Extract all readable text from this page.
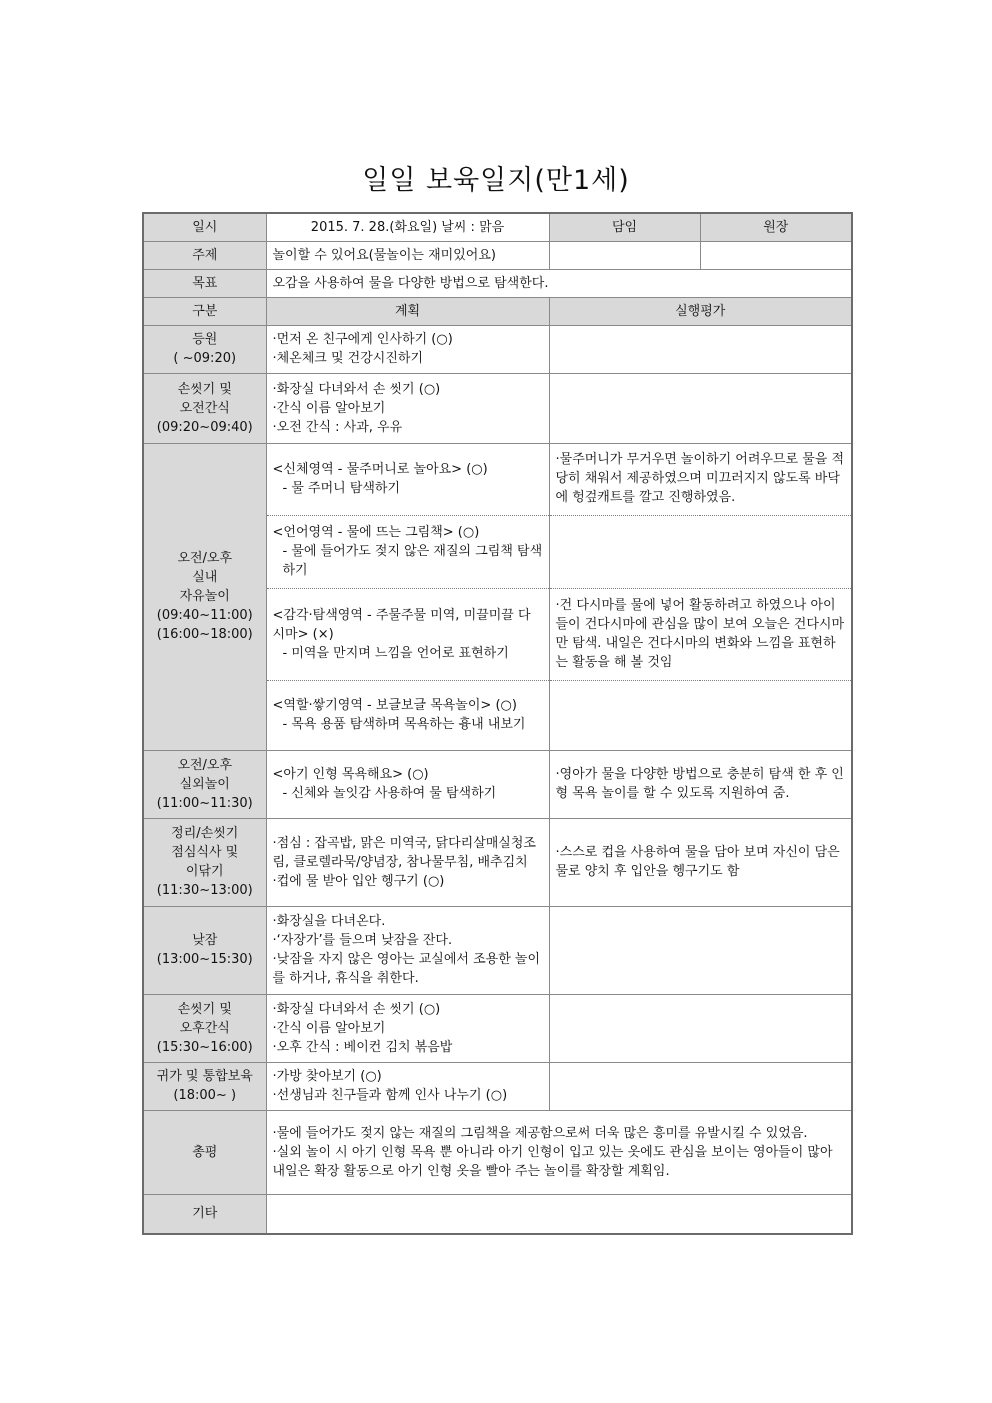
일일 보육일지(만1세)
일시	2015. 7. 28.(화요일) 날씨 : 맑음	담임	원장
주제	놀이할 수 있어요(물놀이는 재미있어요)		
목표	오감을 사용하여 물을 다양한 방법으로 탐색한다.		
구분	계획	실행평가	

등원
( ~09:20)	·먼저 온 친구에게 인사하기 (○)
·체온체크 및 건강시진하기		

손씻기 및
오전간식
(09:20~09:40)	·화장실 다녀와서 손 씻기 (○)
·간식 이름 알아보기
·오전 간식 : 사과, 우유		

오전/오후
실내
자유놀이
(09:40~11:00)
(16:00~18:00)	<신체영역 - 물주머니로 놀아요> (○)
- 물 주머니 탐색하기	·물주머니가 무거우면 놀이하기 어려우므로 물을 적당히 채워서 제공하였으며 미끄러지지 않도록 바닥에 헝겊캐트를 깔고 진행하였음.	

	<언어영역 - 물에 뜨는 그림책> (○)
- 물에 들어가도 젖지 않은 재질의 그림책 탐색하기		

	<감각·탐색영역 - 주물주물 미역, 미끌미끌 다시마> (×)
- 미역을 만지며 느낌을 언어로 표현하기	·건 다시마를 물에 넣어 활동하려고 하였으나 아이들이 건다시마에 관심을 많이 보여 오늘은 건다시마만 탐색. 내일은 건다시마의 변화와 느낌을 표현하는 활동을 해 볼 것임	

	<역할·쌓기영역 - 보글보글 목욕놀이> (○)
- 목욕 용품 탐색하며 목욕하는 흉내 내보기		

오전/오후
실외놀이
(11:00~11:30)	<아기 인형 목욕해요> (○)
- 신체와 놀잇감 사용하여 물 탐색하기	·영아가 물을 다양한 방법으로 충분히 탐색 한 후 인형 목욕 놀이를 할 수 있도록 지원하여 줌.	

정리/손씻기
점심식사 및
이닦기
(11:30~13:00)	·점심 : 잡곡밥, 맑은 미역국, 닭다리살매실청조림, 클로렐라묵/양념장, 참나물무침, 배추김치
·컵에 물 받아 입안 헹구기 (○)	·스스로 컵을 사용하여 물을 담아 보며 자신이 담은 물로 양치 후 입안을 헹구기도 함	

낮잠
(13:00~15:30)	·화장실을 다녀온다.
·‘자장가’를 들으며 낮잠을 잔다.
·낮잠을 자지 않은 영아는 교실에서 조용한 놀이를 하거나, 휴식을 취한다.		

손씻기 및
오후간식
(15:30~16:00)	·화장실 다녀와서 손 씻기 (○)
·간식 이름 알아보기
·오후 간식 : 베이컨 김치 볶음밥		

귀가 및 통합보육
(18:00~ )	·가방 찾아보기 (○)
·선생님과 친구들과 함께 인사 나누기 (○)		

총평	·물에 들어가도 젖지 않는 재질의 그림책을 제공함으로써 더욱 많은 흥미를 유발시킬 수 있었음.
·실외 놀이 시 아기 인형 목욕 뿐 아니라 아기 인형이 입고 있는 옷에도 관심을 보이는 영아들이 많아 내일은 확장 활동으로 아기 인형 옷을 빨아 주는 놀이를 확장할 계획임.		

기타			
